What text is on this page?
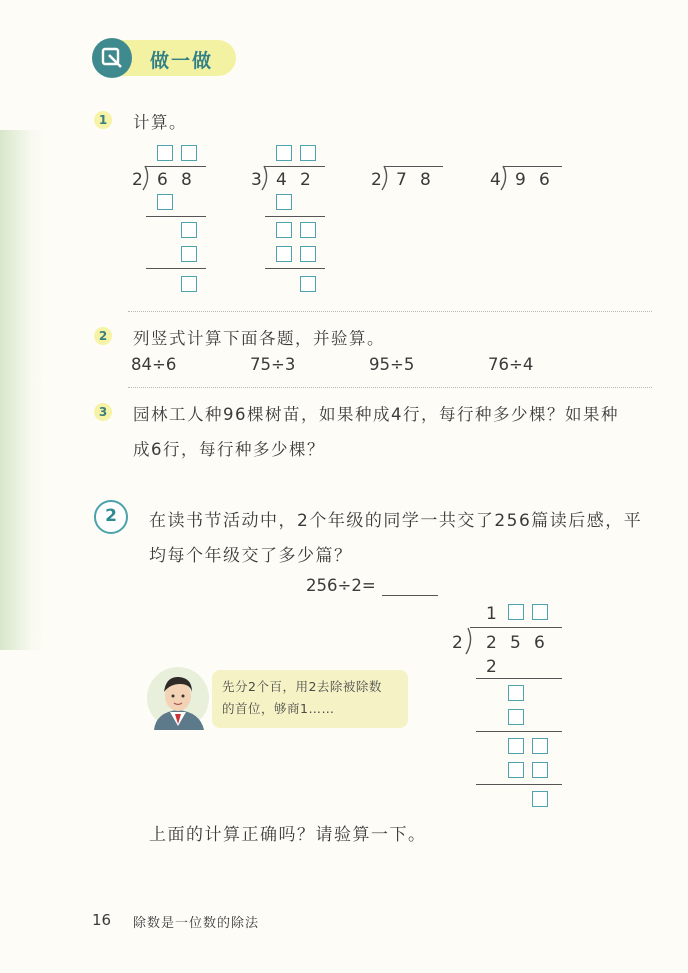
做一做
1 计算。
2 6 8	3 4 2	2 7 8	4 9 6
2 列竖式计算下面各题，并验算。
84÷6	75÷3	95÷5	76÷4
3 园林工人种96棵树苗，如果种成4行，每行种多少棵？如果种
成6行，每行种多少棵？
2	在读书节活动中，2个年级的同学一共交了256篇读后感，平
均每个年级交了多少篇？
256÷2=
1
2 2 5 6
2
先分2个百，用2去除被除数
的首位，够商1……
上面的计算正确吗？请验算一下。
16 除数是一位数的除法
